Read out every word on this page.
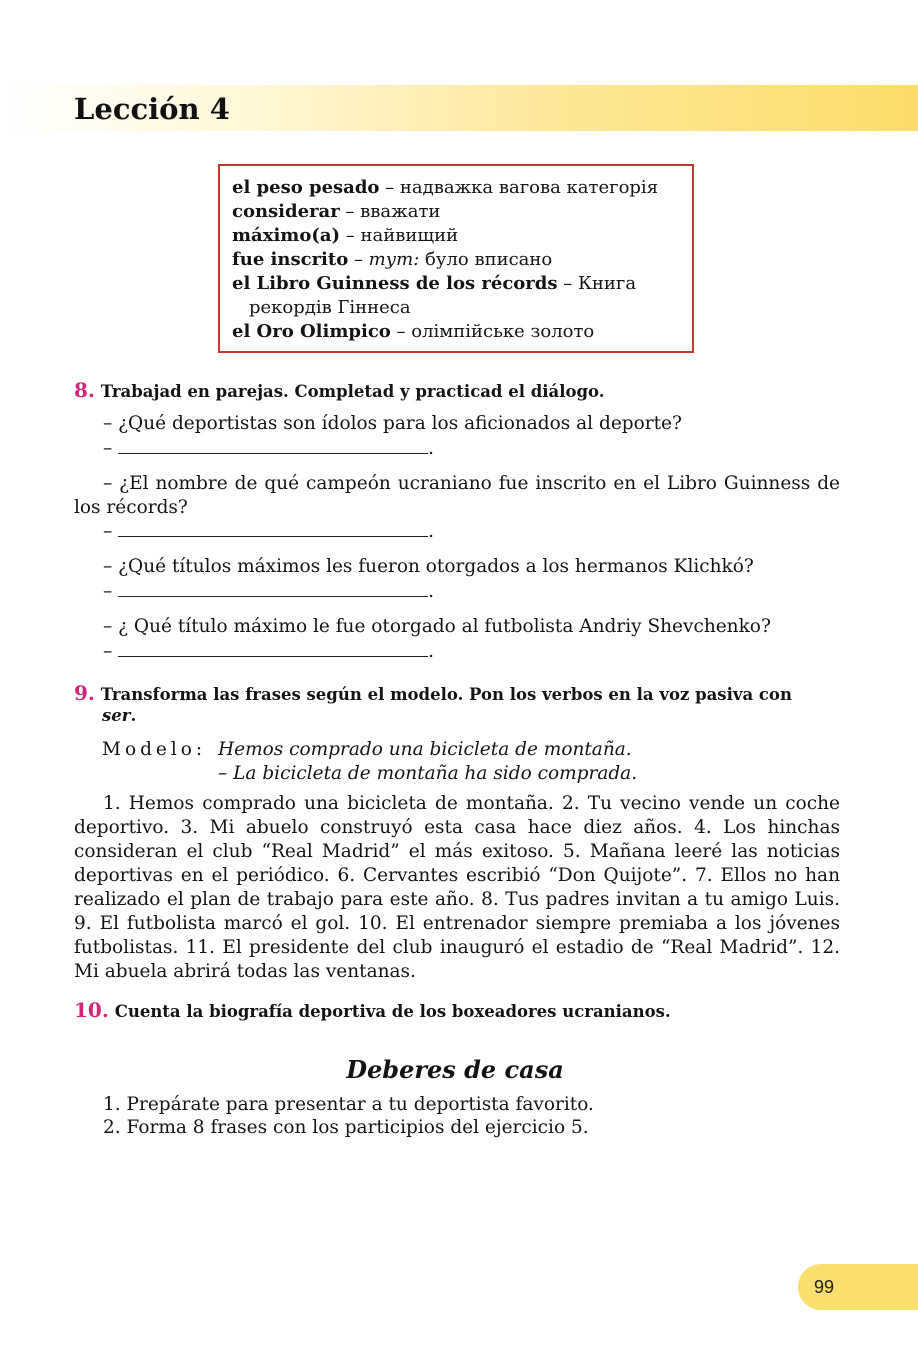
Lección 4
el peso pesado – надважка вагова категорія
considerar – вважати
máximo(a) – найвищий
fue inscrito – тут: було вписано
el Libro Guinness de los récords – Книга
рекордів Гіннеса
el Oro Olimpico – олімпійське золото
8. Trabajad en parejas. Completad y practicad el diálogo.
– ¿Qué deportistas son ídolos para los aficionados al deporte?
–	.
– ¿El nombre de qué campeón ucraniano fue inscrito en el Libro Guinness de los récords?
–	.
– ¿Qué títulos máximos les fueron otorgados a los hermanos Klichkó?
–	.
– ¿ Qué título máximo le fue otorgado al futbolista Andriy Shevchenko?
–	.
9. Transforma las frases según el modelo. Pon los verbos en la voz pasiva con
ser.
Modelo: Hemos comprado una bicicleta de montaña.
– La bicicleta de montaña ha sido comprada.
1. Hemos comprado una bicicleta de montaña. 2. Tu vecino vende un coche deportivo. 3. Mi abuelo construyó esta casa hace diez años. 4. Los hinchas consideran el club “Real Madrid” el más exitoso. 5. Mañana leeré las noticias deportivas en el periódico. 6. Cervantes escribió “Don Quijote”. 7. Ellos no han realizado el plan de trabajo para este año. 8. Tus padres invitan a tu amigo Luis. 9. El futbolista marcó el gol. 10. El entrenador siempre premiaba a los jóvenes futbolistas. 11. El presidente del club inauguró el estadio de “Real Madrid”. 12. Mi abuela abrirá todas las ventanas.
10. Cuenta la biografía deportiva de los boxeadores ucranianos.
Deberes de casa
1. Prepárate para presentar a tu deportista favorito.
2. Forma 8 frases con los participios del ejercicio 5.
99
